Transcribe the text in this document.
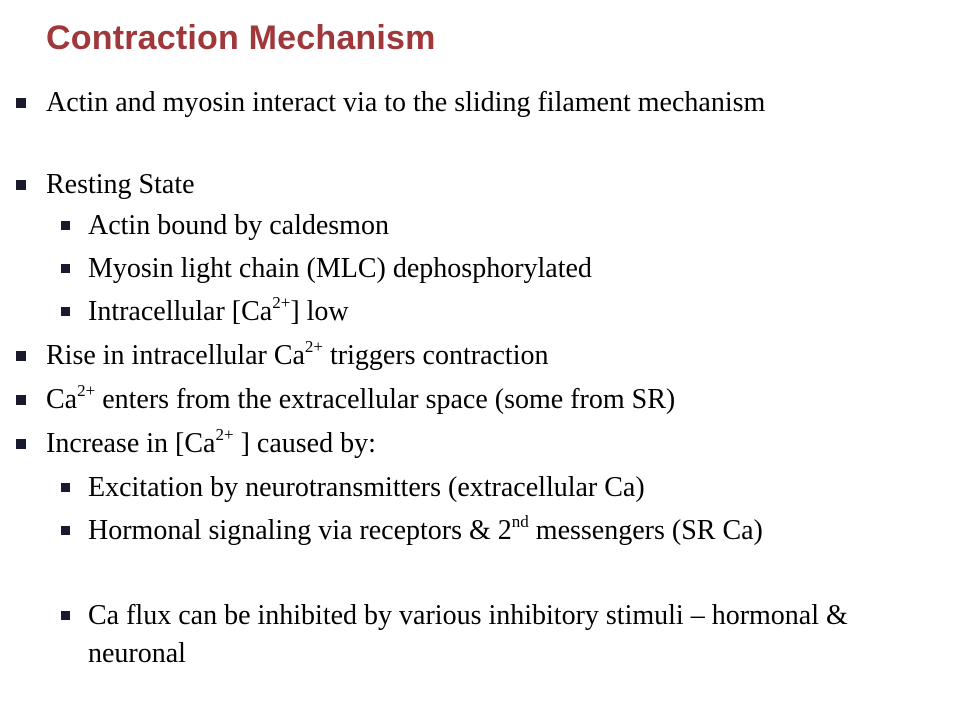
Contraction Mechanism
Actin and myosin interact via to the sliding filament mechanism
Resting State
Actin bound by caldesmon
Myosin light chain (MLC) dephosphorylated
Intracellular $[Ca^{2+}]$ low
Rise in intracellular $Ca^{2+}$ triggers contraction
$Ca^{2+}$ enters from the extracellular space (some from SR)
Increase in [$Ca^{2+}$ ] caused by:
Excitation by neurotransmitters (extracellular Ca)
Hormonal signaling via receptors & 2nd messengers (SR Ca)
Ca flux can be inhibited by various inhibitory stimuli – hormonal & neuronal
